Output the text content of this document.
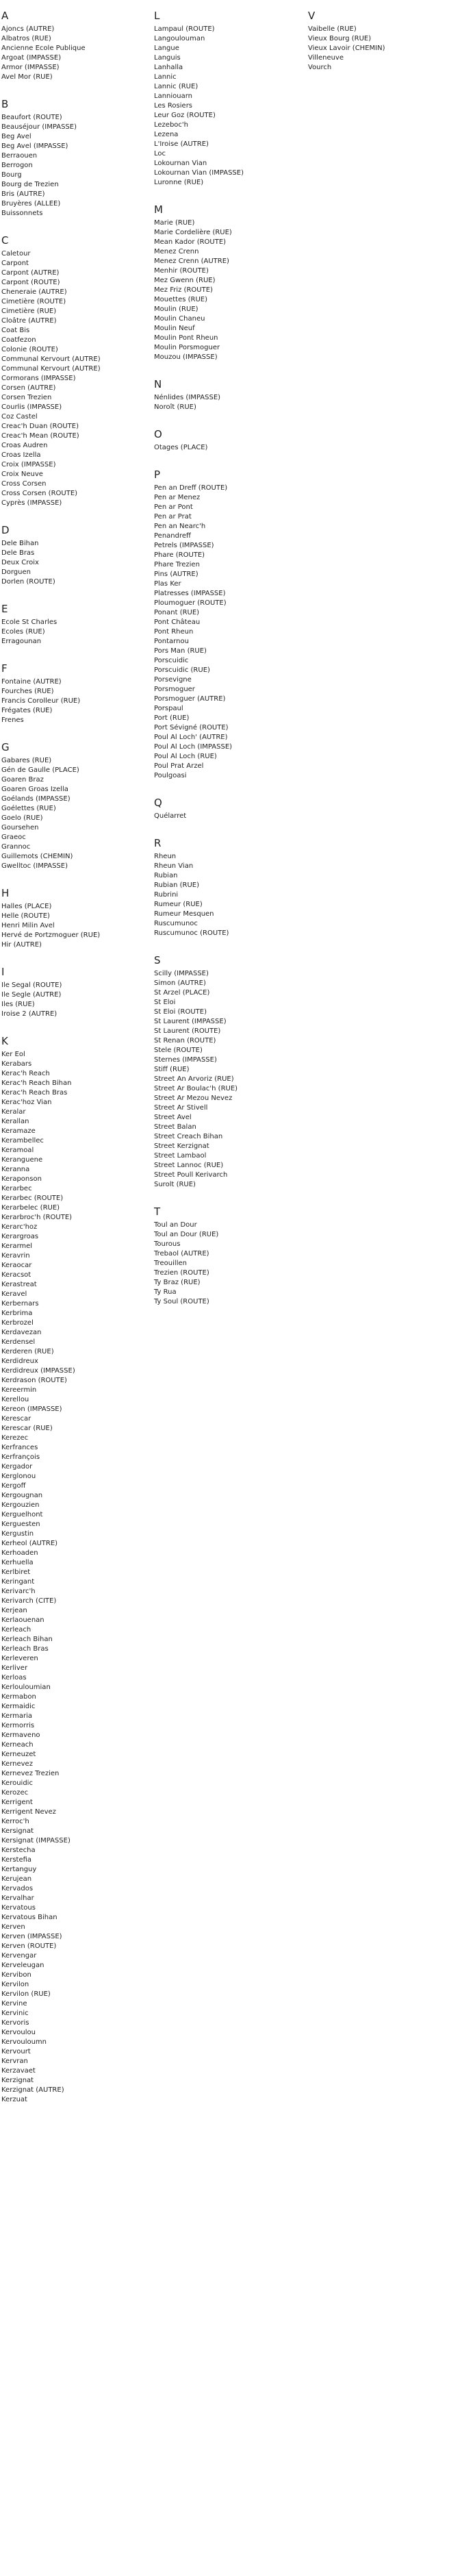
A
Ajoncs (AUTRE)
Albatros (RUE)
Ancienne Ecole Publique
Argoat (IMPASSE)
Armor (IMPASSE)
Avel Mor (RUE)
B
Beaufort (ROUTE)
Beauséjour (IMPASSE)
Beg Avel
Beg Avel (IMPASSE)
Berraouen
Berrogon
Bourg
Bourg de Trezien
Bris (AUTRE)
Bruyères (ALLEE)
Buissonnets
C
Caletour
Carpont
Carpont (AUTRE)
Carpont (ROUTE)
Cheneraie (AUTRE)
Cimetière (ROUTE)
Cimetière (RUE)
Cloâtre (AUTRE)
Coat Bis
Coatfezon
Colonie (ROUTE)
Communal Kervourt (AUTRE)
Communal Kervourt (AUTRE)
Cormorans (IMPASSE)
Corsen (AUTRE)
Corsen Trezien
Courlis (IMPASSE)
Coz Castel
Creac'h Duan (ROUTE)
Creac'h Mean (ROUTE)
Croas Audren
Croas Izella
Croix (IMPASSE)
Croix Neuve
Cross Corsen
Cross Corsen (ROUTE)
Cyprès (IMPASSE)
D
Dele Bihan
Dele Bras
Deux Croix
Dorguen
Dorlen (ROUTE)
E
Ecole St Charles
Ecoles (RUE)
Erragounan
F
Fontaine (AUTRE)
Fourches (RUE)
Francis Corolleur (RUE)
Frégates (RUE)
Frenes
G
Gabares (RUE)
Gén de Gaulle (PLACE)
Goaren Braz
Goaren Groas Izella
Goélands (IMPASSE)
Goélettes (RUE)
Goelo (RUE)
Goursehen
Graeoc
Grannoc
Guillemots (CHEMIN)
Gwelltoc (IMPASSE)
H
Halles (PLACE)
Helle (ROUTE)
Henri Milin Avel
Hervé de Portzmoguer (RUE)
Hir (AUTRE)
I
Ile Segal (ROUTE)
Ile Segle (AUTRE)
Iles (RUE)
Iroise 2 (AUTRE)
K
Ker Eol
Kerabars
Kerac'h Reach
Kerac'h Reach Bihan
Kerac'h Reach Bras
Kerac'hoz Vian
Keralar
Kerallan
Keramaze
Kerambellec
Keramoal
Keranguene
Keranna
Keraponson
Kerarbec
Kerarbec (ROUTE)
Kerarbelec (RUE)
Kerarbroc'h (ROUTE)
Kerarc'hoz
Kerargroas
Kerarmel
Keravrin
Keraocar
Keracsot
Kerastreat
Keravel
Kerbernars
Kerbrima
Kerbrozel
Kerdavezan
Kerdensel
Kerderen (RUE)
Kerdidreux
Kerdidreux (IMPASSE)
Kerdrason (ROUTE)
Kereermin
Kerellou
Kereon (IMPASSE)
Kerescar
Kerescar (RUE)
Kerezec
Kerfrances
Kerfrançois
Kergador
Kerglonou
Kergoff
Kergougnan
Kergouzien
Kerguelhont
Kerguesten
Kergustin
Kerheol (AUTRE)
Kerhoaden
Kerhuella
Kerlbiret
Keringant
Kerivarc'h
Kerivarch (CITE)
Kerjean
Kerlaouenan
Kerleach
Kerleach Bihan
Kerleach Bras
Kerleveren
Kerliver
Kerloas
Kerlouloumian
Kermabon
Kermaidic
Kermaria
Kermorris
Kermaveno
Kerneach
Kerneuzet
Kernevez
Kernevez Trezien
Kerouidic
Kerozec
Kerrigent
Kerrigent Nevez
Kerroc'h
Kersignat
Kersignat (IMPASSE)
Kerstecha
Kerstefia
Kertanguy
Kerujean
Kervados
Kervalhar
Kervatous
Kervatous Bihan
Kerven
Kerven (IMPASSE)
Kerven (ROUTE)
Kervengar
Kerveleugan
Kervibon
Kervilon
Kervilon (RUE)
Kervine
Kervinic
Kervoris
Kervoulou
Kervouloumn
Kervourt
Kervran
Kerzavaet
Kerzignat
Kerzignat (AUTRE)
Kerzuat
L
Lampaul (ROUTE)
Langoulouman
Langue
Languis
Lanhalla
Lannic
Lannic (RUE)
Lanniouarn
Les Rosiers
Leur Goz (ROUTE)
Lezeboc'h
Lezena
L'Iroise (AUTRE)
Loc
Lokournan Vian
Lokournan Vian (IMPASSE)
Luronne (RUE)
M
Marie (RUE)
Marie Cordelière (RUE)
Mean Kador (ROUTE)
Menez Crenn
Menez Crenn (AUTRE)
Menhir (ROUTE)
Mez Gwenn (RUE)
Mez Friz (ROUTE)
Mouettes (RUE)
Moulin (RUE)
Moulin Chaneu
Moulin Neuf
Moulin Pont Rheun
Moulin Porsmoguer
Mouzou (IMPASSE)
N
Nénlides (IMPASSE)
Noroît (RUE)
O
Otages (PLACE)
P
Pen an Dreff (ROUTE)
Pen ar Menez
Pen ar Pont
Pen ar Prat
Pen an Nearc'h
Penandreff
Petrels (IMPASSE)
Phare (ROUTE)
Phare Trezien
Pins (AUTRE)
Plas Ker
Platresses (IMPASSE)
Ploumoguer (ROUTE)
Ponant (RUE)
Pont Château
Pont Rheun
Pontarnou
Pors Man (RUE)
Porscuidic
Porscuidic (RUE)
Porsevigne
Porsmoguer
Porsmoguer (AUTRE)
Porspaul
Port (RUE)
Port Sévigné (ROUTE)
Poul Al Loch' (AUTRE)
Poul Al Loch (IMPASSE)
Poul Al Loch (RUE)
Poul Prat Arzel
Poulgoasi
Q
Quélarret
R
Rheun
Rheun Vian
Rubian
Rubian (RUE)
Rubrini
Rumeur (RUE)
Rumeur Mesquen
Ruscumunoc
Ruscumunoc (ROUTE)
S
Scilly (IMPASSE)
Simon (AUTRE)
St Arzel (PLACE)
St Eloi
St Eloi (ROUTE)
St Laurent (IMPASSE)
St Laurent (ROUTE)
St Renan (ROUTE)
Stele (ROUTE)
Sternes (IMPASSE)
Stiff (RUE)
Street An Arvoriz (RUE)
Street Ar Boulac'h (RUE)
Street Ar Mezou Nevez
Street Ar Stivell
Street Avel
Street Balan
Street Creach Bihan
Street Kerzignat
Street Lambaol
Street Lannoc (RUE)
Street Poull Kerivarch
Surolt (RUE)
T
Toul an Dour
Toul an Dour (RUE)
Tourous
Trebaol (AUTRE)
Treouillen
Trezien (ROUTE)
Ty Braz (RUE)
Ty Rua
Ty Soul (ROUTE)
V
Vaibelle (RUE)
Vieux Bourg (RUE)
Vieux Lavoir (CHEMIN)
Villeneuve
Vourch
